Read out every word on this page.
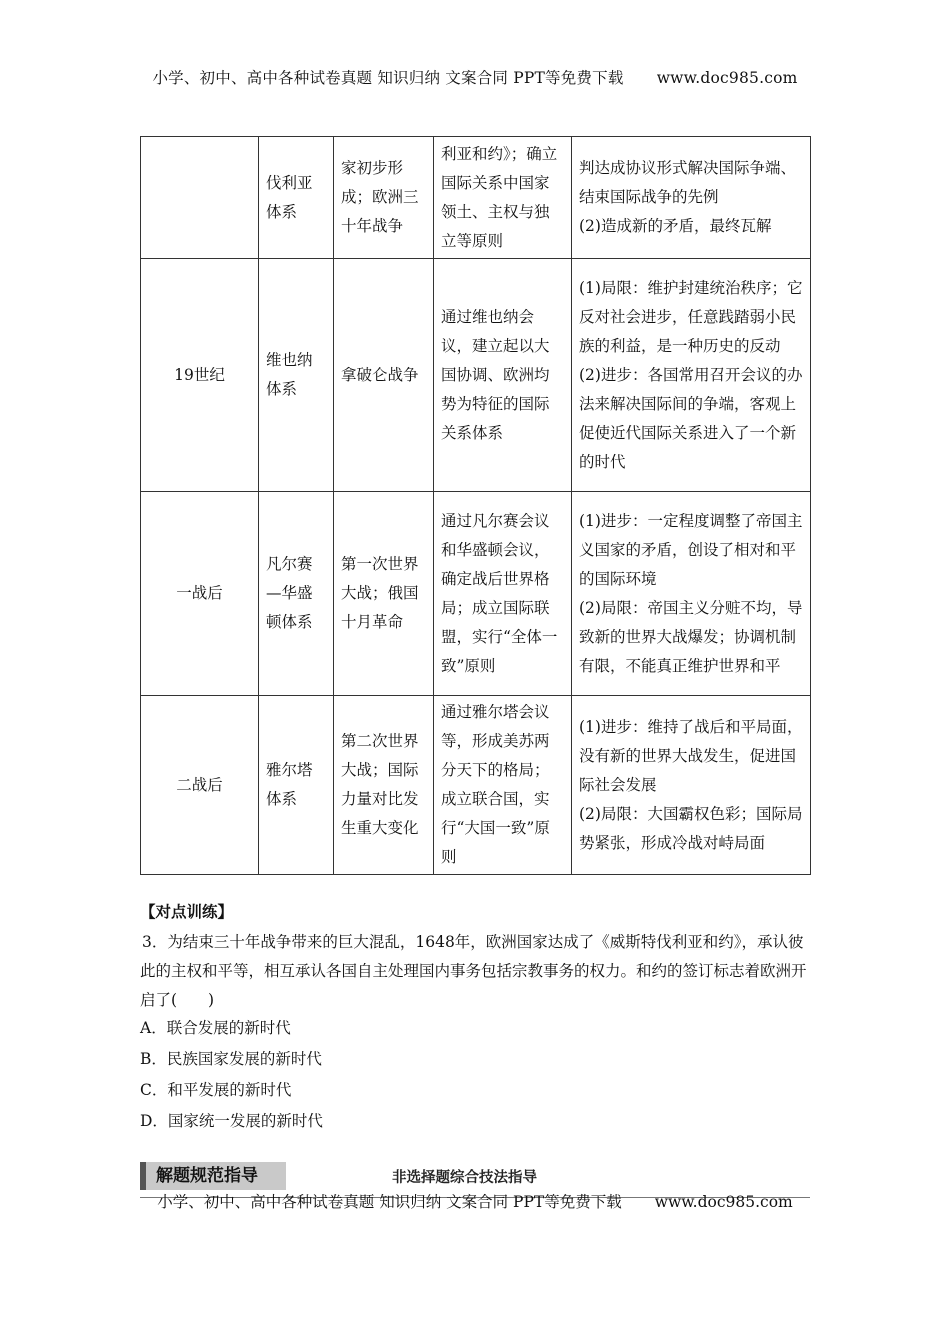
小学、初中、高中各种试卷真题 知识归纳 文案合同 PPT等免费下载 www.doc985.com
	伐利亚体系	家初步形成；欧洲三十年战争	利亚和约》；确立国际关系中国家领土、主权与独立等原则	判达成协议形式解决国际争端、结束国际战争的先例
(2)造成新的矛盾，最终瓦解
19世纪	维也纳体系	拿破仑战争	通过维也纳会议，建立起以大国协调、欧洲均势为特征的国际关系体系	(1)局限：维护封建统治秩序；它反对社会进步，任意践踏弱小民族的利益，是一种历史的反动
(2)进步：各国常用召开会议的办法来解决国际间的争端，客观上促使近代国际关系进入了一个新的时代
一战后	凡尔赛—华盛顿体系	第一次世界大战；俄国十月革命	通过凡尔赛会议和华盛顿会议，确定战后世界格局；成立国际联盟，实行“全体一致”原则	(1)进步：一定程度调整了帝国主义国家的矛盾，创设了相对和平的国际环境
(2)局限：帝国主义分赃不均，导致新的世界大战爆发；协调机制有限，不能真正维护世界和平
二战后	雅尔塔体系	第二次世界大战；国际力量对比发生重大变化	通过雅尔塔会议等，形成美苏两分天下的格局；成立联合国，实行“大国一致”原则	(1)进步：维持了战后和平局面，没有新的世界大战发生，促进国际社会发展
(2)局限：大国霸权色彩；国际局势紧张，形成冷战对峙局面
【对点训练】

3．为结束三十年战争带来的巨大混乱，1648年，欧洲国家达成了《威斯特伐利亚和约》，承认彼此的主权和平等，相互承认各国自主处理国内事务包括宗教事务的权力。和约的签订标志着欧洲开启了(　　)

A．联合发展的新时代
B．民族国家发展的新时代
C．和平发展的新时代
D．国家统一发展的新时代
解题规范指导	非选择题综合技法指导
小学、初中、高中各种试卷真题 知识归纳 文案合同 PPT等免费下载 www.doc985.com
